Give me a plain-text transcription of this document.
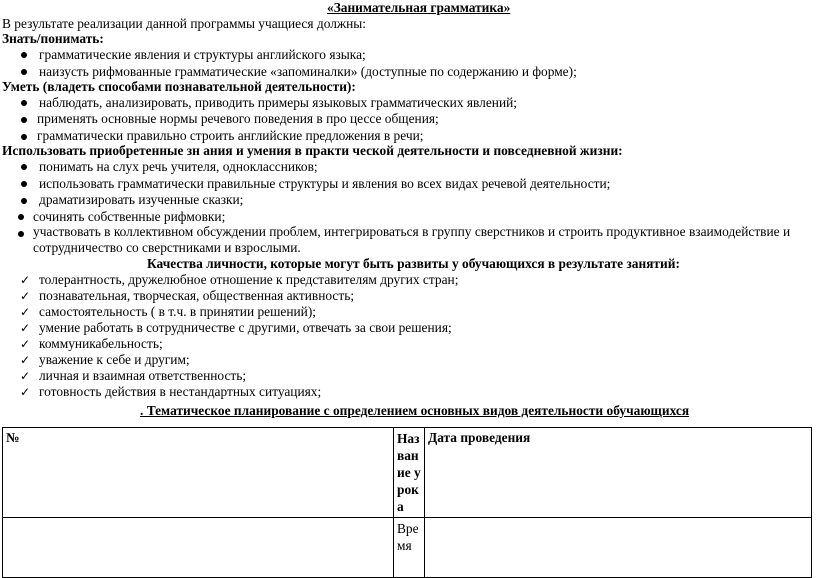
«Занимательная грамматика»
В результате реализации данной программы учащиеся должны:
Знать/понимать:
грамматические явления и структуры английского языка;
наизусть рифмованные грамматические «запоминалки» (доступные по содержанию и форме);
Уметь (владеть способами познавательной деятельности):
наблюдать, анализировать, приводить примеры языковых грамматических явлений;
применять основные нормы речевого поведения в про цессе общения;
грамматически правильно строить английские предложения в речи;
Использовать приобретенные зн ания и умения в практи ческой деятельности и повседневной жизни:
понимать на слух речь учителя, одноклассников;
использовать грамматически правильные структуры и явления во всех видах речевой деятельности;
драматизировать изученные сказки;
сочинять собственные рифмовки;
участвовать в коллективном обсуждении проблем, интегрироваться в группу сверстников и строить продуктивное взаимодействие и
сотрудничество со сверстниками и взрослыми.
Качества личности, которые могут быть развиты у обучающихся в результате занятий:
✓ толерантность, дружелюбное отношение к представителям других стран;
✓ познавательная, творческая, общественная активность;
✓ самостоятельность ( в т.ч. в принятии решений);
✓ умение работать в сотрудничестве с другими, отвечать за свои решения;
✓ коммуникабельность;
✓ уважение к себе и другим;
✓ личная и взаимная ответственность;
✓ готовность действия в нестандартных ситуациях;
. Тематическое планирование с определением основных видов деятельности обучающихся
№	Название урока	Дата проведения
	Время	
